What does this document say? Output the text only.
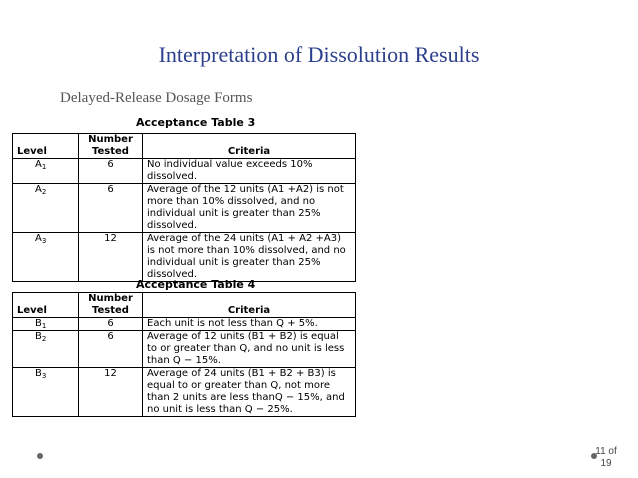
Interpretation of Dissolution Results
Delayed-Release Dosage Forms
Acceptance Table 3
Level	Number Tested	Criteria
$A_1$	6	No individual value exceeds 10% dissolved.
$A_2$	6	Average of the 12 units (A1 +A2) is not more than 10% dissolved, and no individual unit is greater than 25% dissolved.
$A_3$	12	Average of the 24 units (A1 + A2 +A3) is not more than 10% dissolved, and no individual unit is greater than 25% dissolved.
Acceptance Table 4
Level	Number Tested	Criteria
$B_1$	6	Each unit is not less than Q + 5%.
$B_2$	6	Average of 12 units (B1 + B2) is equal to or greater than Q, and no unit is less than Q − 15%.
$B_3$	12	Average of 24 units (B1 + B2 + B3) is equal to or greater than Q, not more than 2 units are less thanQ − 15%, and no unit is less than Q − 25%.
11 of
19
